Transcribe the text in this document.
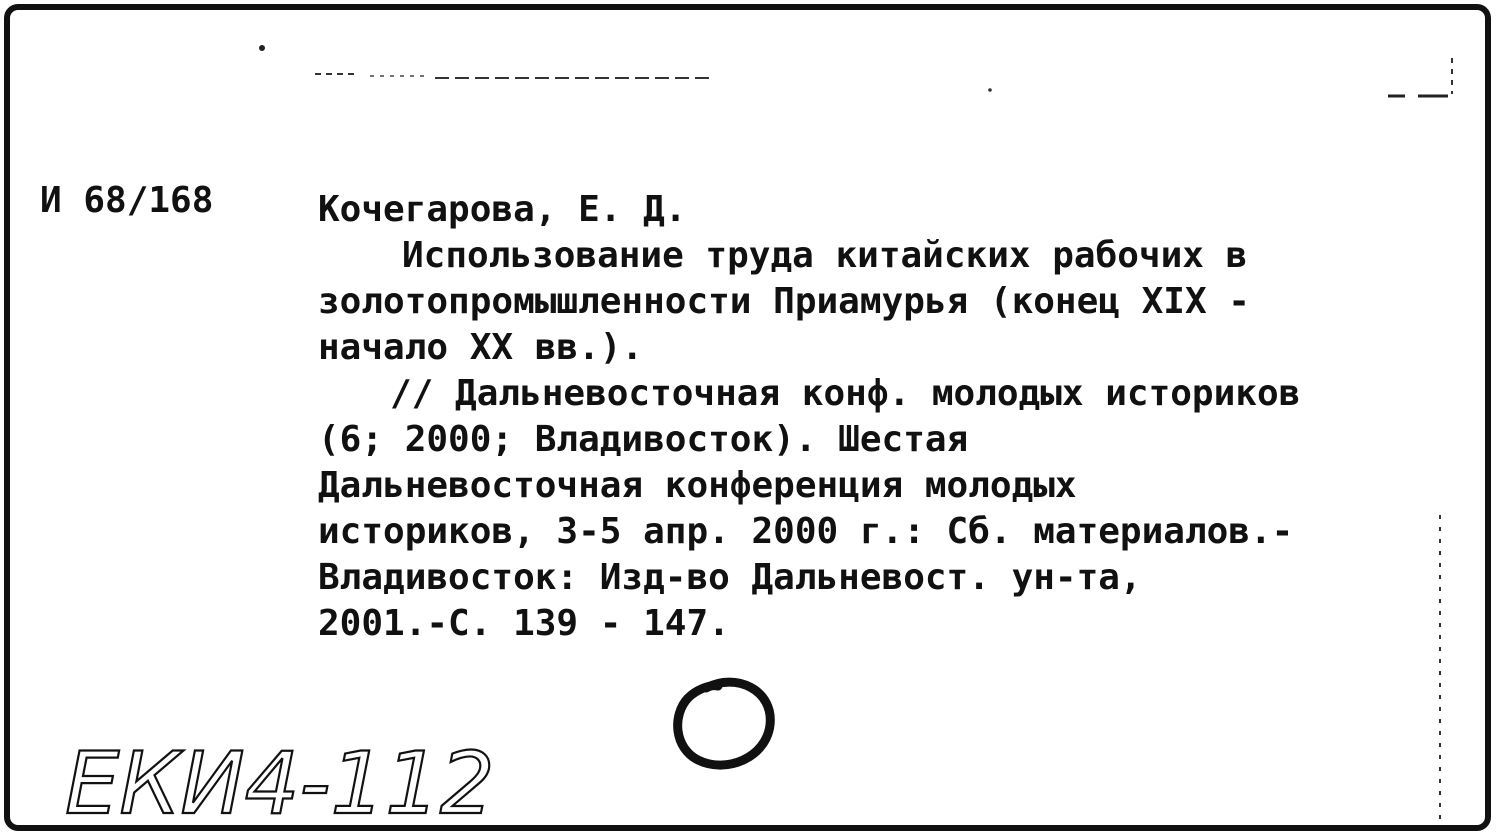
И 68/168	Кочегарова, Е. Д.
Использование труда китайских рабочих в
золотопромышленности Приамурья (конец XIX -
начало XX вв.).
// Дальневосточная конф. молодых историков
(6; 2000; Владивосток). Шестая
Дальневосточная конференция молодых
историков, 3-5 апр. 2000 г.: Сб. материалов.-
Владивосток: Изд-во Дальневост. ун-та,
2001.-С. 139 - 147.
ЕКИ4-112
